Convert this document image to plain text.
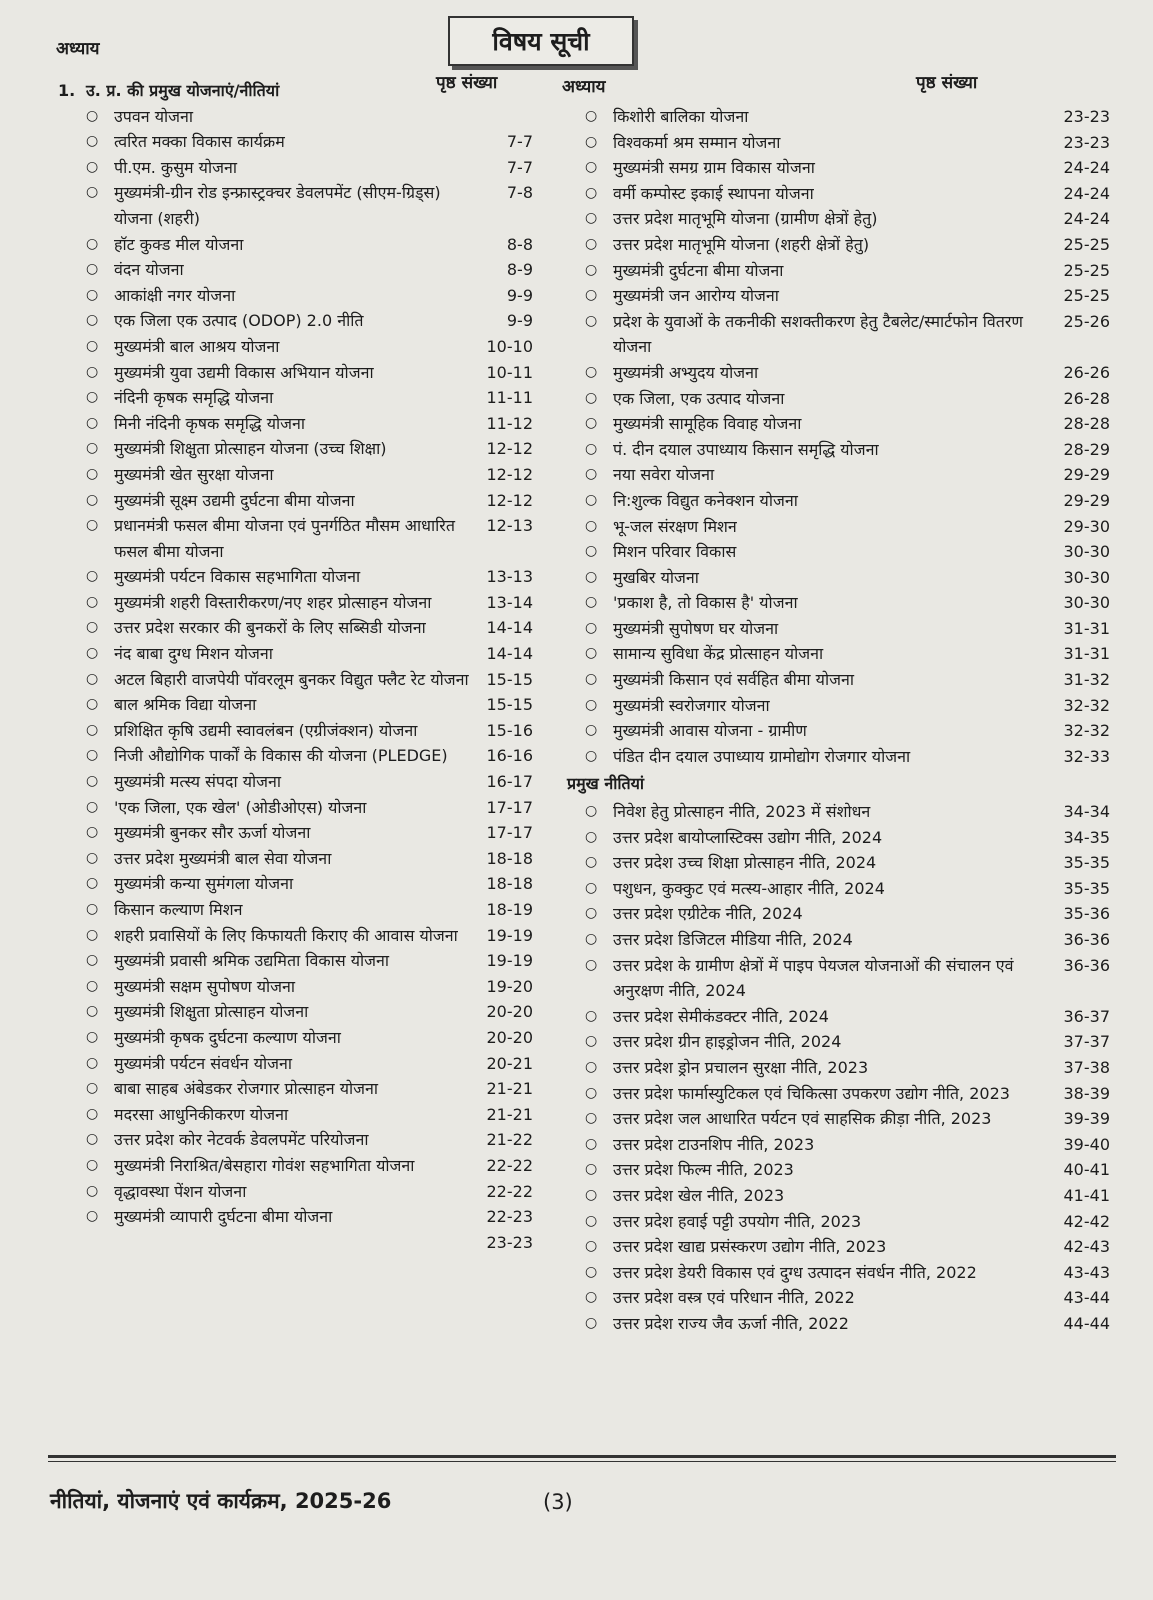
विषय सूची
अध्याय
पृष्ठ संख्या	अध्याय	पृष्ठ संख्या
1. उ. प्र. की प्रमुख योजनाएं/नीतियां
○ उपवन योजना
○ त्वरित मक्का विकास कार्यक्रम	7-7
○ पी.एम. कुसुम योजना	7-7
○ मुख्यमंत्री-ग्रीन रोड इन्फ्रास्ट्रक्चर डेवलपमेंट (सीएम-ग्रिड्स) योजना (शहरी)
7-8
○ हॉट कुक्ड मील योजना	8-8
○ वंदन योजना	8-9
○ आकांक्षी नगर योजना	9-9
○ एक जिला एक उत्पाद (ODOP) 2.0 नीति	9-9
○ मुख्यमंत्री बाल आश्रय योजना	10-10
○ मुख्यमंत्री युवा उद्यमी विकास अभियान योजना	10-11
○ नंदिनी कृषक समृद्धि योजना	11-11
○ मिनी नंदिनी कृषक समृद्धि योजना	11-12
○ मुख्यमंत्री शिक्षुता प्रोत्साहन योजना (उच्च शिक्षा)	12-12
○ मुख्यमंत्री खेत सुरक्षा योजना	12-12
○ मुख्यमंत्री सूक्ष्म उद्यमी दुर्घटना बीमा योजना	12-12
○ प्रधानमंत्री फसल बीमा योजना एवं पुनर्गठित मौसम आधारित फसल बीमा योजना
12-13
○ मुख्यमंत्री पर्यटन विकास सहभागिता योजना	13-13
○ मुख्यमंत्री शहरी विस्तारीकरण/नए शहर प्रोत्साहन योजना	13-14
○ उत्तर प्रदेश सरकार की बुनकरों के लिए सब्सिडी योजना	14-14
○ नंद बाबा दुग्ध मिशन योजना	14-14
○ अटल बिहारी वाजपेयी पॉवरलूम बुनकर विद्युत फ्लैट रेट योजना	15-15
○ बाल श्रमिक विद्या योजना	15-15
○ प्रशिक्षित कृषि उद्यमी स्वावलंबन (एग्रीजंक्शन) योजना	15-16
○ निजी औद्योगिक पार्कों के विकास की योजना (PLEDGE)	16-16
○ मुख्यमंत्री मत्स्य संपदा योजना	16-17
○ 'एक जिला, एक खेल' (ओडीओएस) योजना	17-17
○ मुख्यमंत्री बुनकर सौर ऊर्जा योजना	17-17
○ उत्तर प्रदेश मुख्यमंत्री बाल सेवा योजना	18-18
○ मुख्यमंत्री कन्या सुमंगला योजना	18-18
○ किसान कल्याण मिशन	18-19
○ शहरी प्रवासियों के लिए किफायती किराए की आवास योजना	19-19
○ मुख्यमंत्री प्रवासी श्रमिक उद्यमिता विकास योजना	19-19
○ मुख्यमंत्री सक्षम सुपोषण योजना	19-20
○ मुख्यमंत्री शिक्षुता प्रोत्साहन योजना	20-20
○ मुख्यमंत्री कृषक दुर्घटना कल्याण योजना	20-20
○ मुख्यमंत्री पर्यटन संवर्धन योजना	20-21
○ बाबा साहब अंबेडकर रोजगार प्रोत्साहन योजना	21-21
○ मदरसा आधुनिकीकरण योजना	21-21
○ उत्तर प्रदेश कोर नेटवर्क डेवलपमेंट परियोजना	21-22
○ मुख्यमंत्री निराश्रित/बेसहारा गोवंश सहभागिता योजना	22-22
○ वृद्धावस्था पेंशन योजना	22-22
○ मुख्यमंत्री व्यापारी दुर्घटना बीमा योजना	22-23
23-23
○ किशोरी बालिका योजना	23-23
○ विश्वकर्मा श्रम सम्मान योजना	23-23
○ मुख्यमंत्री समग्र ग्राम विकास योजना	24-24
○ वर्मी कम्पोस्ट इकाई स्थापना योजना	24-24
○ उत्तर प्रदेश मातृभूमि योजना (ग्रामीण क्षेत्रों हेतु)	24-24
○ उत्तर प्रदेश मातृभूमि योजना (शहरी क्षेत्रों हेतु)	25-25
○ मुख्यमंत्री दुर्घटना बीमा योजना	25-25
○ मुख्यमंत्री जन आरोग्य योजना	25-25
○ प्रदेश के युवाओं के तकनीकी सशक्तीकरण हेतु टैबलेट/स्मार्टफोन वितरण योजना
25-26
○ मुख्यमंत्री अभ्युदय योजना	26-26
○ एक जिला, एक उत्पाद योजना	26-28
○ मुख्यमंत्री सामूहिक विवाह योजना	28-28
○ पं. दीन दयाल उपाध्याय किसान समृद्धि योजना	28-29
○ नया सवेरा योजना	29-29
○ नि:शुल्क विद्युत कनेक्शन योजना	29-29
○ भू-जल संरक्षण मिशन	29-30
○ मिशन परिवार विकास	30-30
○ मुखबिर योजना	30-30
○ 'प्रकाश है, तो विकास है' योजना	30-30
○ मुख्यमंत्री सुपोषण घर योजना	31-31
○ सामान्य सुविधा केंद्र प्रोत्साहन योजना	31-31
○ मुख्यमंत्री किसान एवं सर्वहित बीमा योजना	31-32
○ मुख्यमंत्री स्वरोजगार योजना	32-32
○ मुख्यमंत्री आवास योजना - ग्रामीण	32-32
○ पंडित दीन दयाल उपाध्याय ग्रामोद्योग रोजगार योजना	32-33
प्रमुख नीतियां
○ निवेश हेतु प्रोत्साहन नीति, 2023 में संशोधन	34-34
○ उत्तर प्रदेश बायोप्लास्टिक्स उद्योग नीति, 2024	34-35
○ उत्तर प्रदेश उच्च शिक्षा प्रोत्साहन नीति, 2024	35-35
○ पशुधन, कुक्कुट एवं मत्स्य-आहार नीति, 2024	35-35
○ उत्तर प्रदेश एग्रीटेक नीति, 2024	35-36
○ उत्तर प्रदेश डिजिटल मीडिया नीति, 2024	36-36
○ उत्तर प्रदेश के ग्रामीण क्षेत्रों में पाइप पेयजल योजनाओं की संचालन एवं अनुरक्षण नीति, 2024
36-36
○ उत्तर प्रदेश सेमीकंडक्टर नीति, 2024	36-37
○ उत्तर प्रदेश ग्रीन हाइड्रोजन नीति, 2024	37-37
○ उत्तर प्रदेश ड्रोन प्रचालन सुरक्षा नीति, 2023	37-38
○ उत्तर प्रदेश फार्मास्युटिकल एवं चिकित्सा उपकरण उद्योग नीति, 2023	38-39
○ उत्तर प्रदेश जल आधारित पर्यटन एवं साहसिक क्रीड़ा नीति, 2023	39-39
○ उत्तर प्रदेश टाउनशिप नीति, 2023	39-40
○ उत्तर प्रदेश फिल्म नीति, 2023	40-41
○ उत्तर प्रदेश खेल नीति, 2023	41-41
○ उत्तर प्रदेश हवाई पट्टी उपयोग नीति, 2023	42-42
○ उत्तर प्रदेश खाद्य प्रसंस्करण उद्योग नीति, 2023	42-43
○ उत्तर प्रदेश डेयरी विकास एवं दुग्ध उत्पादन संवर्धन नीति, 2022	43-43
○ उत्तर प्रदेश वस्त्र एवं परिधान नीति, 2022	43-44
○ उत्तर प्रदेश राज्य जैव ऊर्जा नीति, 2022	44-44
नीतियां, योजनाएं एवं कार्यक्रम, 2025-26	(3)
